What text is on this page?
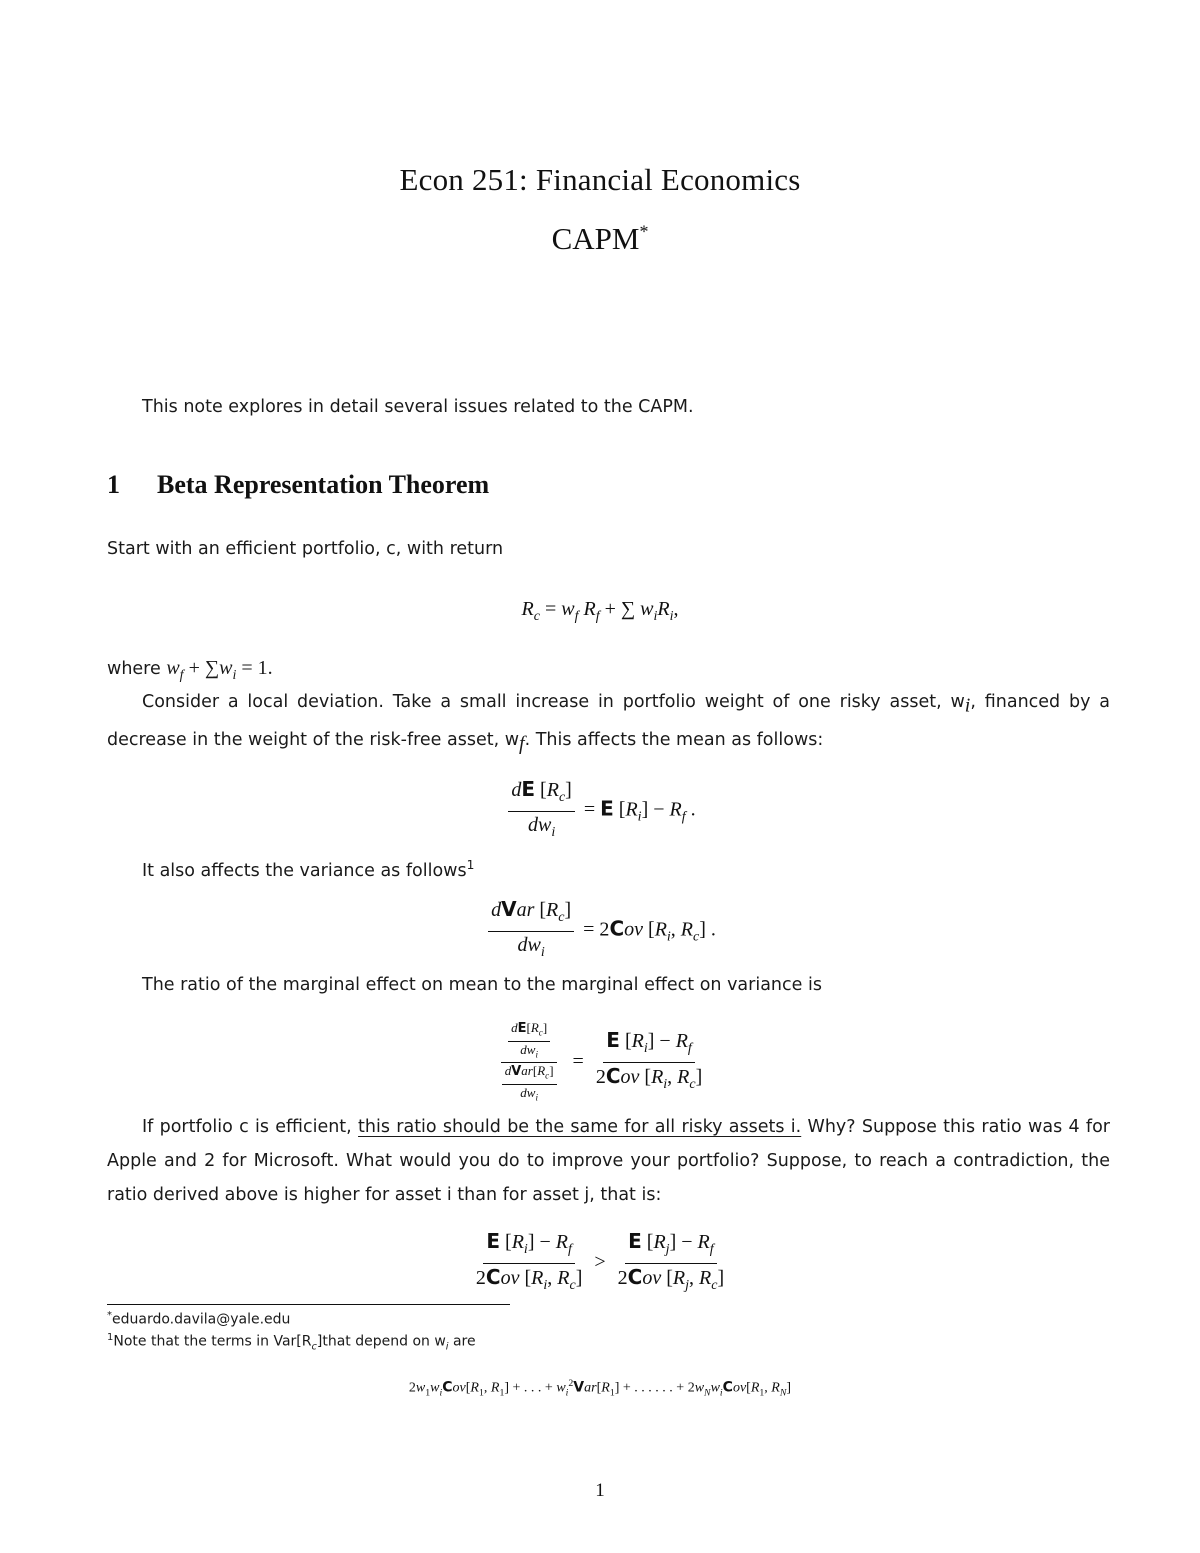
Econ 251: Financial Economics
CAPM*
This note explores in detail several issues related to the CAPM.
1 Beta Representation Theorem
Start with an efficient portfolio, c, with return
$R_c = w_f$ $R_f$ + ∑ $w_iR_i$,
where $w_f + \sum w_i = 1$.
Consider a local deviation. Take a small increase in portfolio weight of one risky asset, $w_i$, financed by a decrease in the weight of the risk-free asset, $w_f$. This affects the mean as follows:
$\frac{dE [R_c]}{dw_i} = E$ $[R_i] - R_f$ .
It also affects the variance as follows$^1$
$\frac{dVar [R_c]}{dw_i} = 2Cov$ [$R_i$, $R_c$] .
The ratio of the marginal effect on mean to the marginal effect on variance is
$\frac{\frac{dE[R_c]}{dw_i}}{\frac{dVar[R_c]}{dw_i}} = \frac{E [R_i] - R_f}{2Cov [R_i, R_c]}$
If portfolio c is efficient, this ratio should be the same for all risky assets i. Why? Suppose this ratio was 4 for Apple and 2 for Microsoft. What would you do to improve your portfolio? Suppose, to reach a contradiction, the ratio derived above is higher for asset i than for asset j, that is:
$\frac{E [R_i] - R_f}{2Cov [R_i, R_c]} > \frac{E [R_j] - R_f}{2Cov [R_j, R_c]}$
*eduardo.davila@yale.edu
$^1$Note that the terms in $Var[R_c]that$ depend on $w_i$ are
$2w_1w_iCov[R_1$, $R_1$] + . . . + $w_i^2Var[R_1]$ + . . . . . . + $2w_Nw_iCov[R_1$, $R_N$]
1
